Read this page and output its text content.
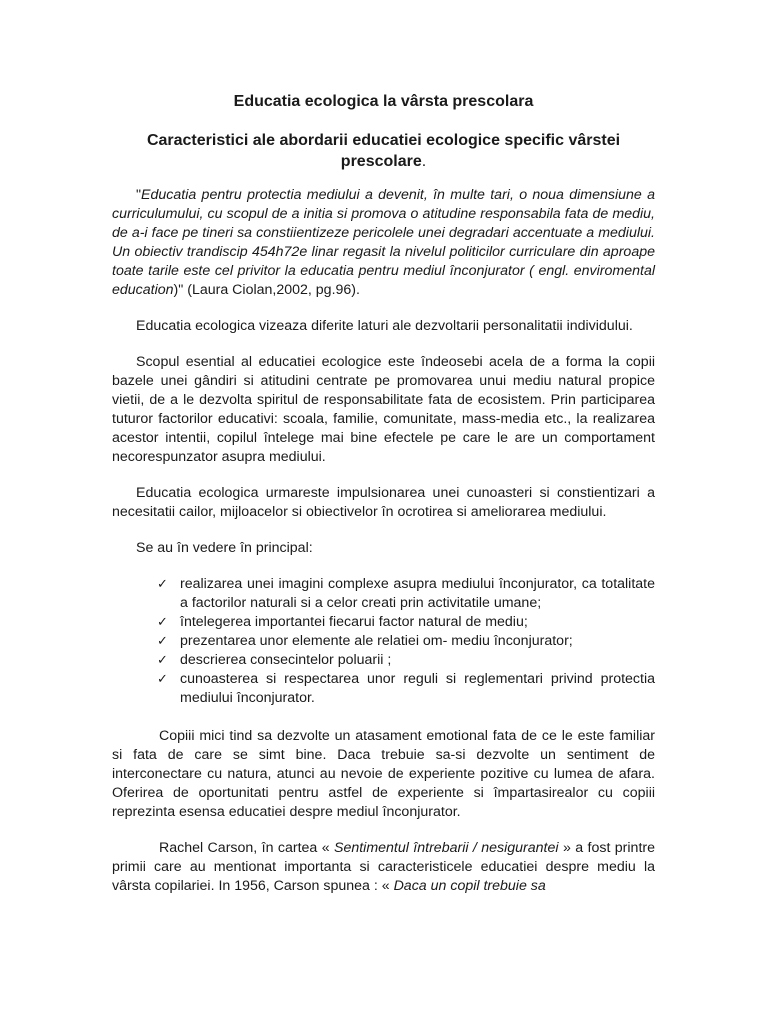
Educatia ecologica la vârsta prescolara
Caracteristici ale abordarii educatiei ecologice specific vârstei prescolare.

"Educatia pentru protectia mediului a devenit, în multe tari, o noua dimensiune a curriculumului, cu scopul de a initia si promova o atitudine responsabila fata de mediu, de a-i face pe tineri sa constiientizeze pericolele unei degradari accentuate a mediului. Un obiectiv trandiscip 454h72e linar regasit la nivelul politicilor curriculare din aproape toate tarile este cel privitor la educatia pentru mediul înconjurator ( engl. enviromental education)" (Laura Ciolan,2002, pg.96).

Educatia ecologica vizeaza diferite laturi ale dezvoltarii personalitatii individului.

Scopul esential al educatiei ecologice este îndeosebi acela de a forma la copii bazele unei gândiri si atitudini centrate pe promovarea unui mediu natural propice vietii, de a le dezvolta spiritul de responsabilitate fata de ecosistem. Prin participarea tuturor factorilor educativi: scoala, familie, comunitate, mass-media etc., la realizarea acestor intentii, copilul întelege mai bine efectele pe care le are un comportament necorespunzator asupra mediului.

Educatia ecologica urmareste impulsionarea unei cunoasteri si constientizari a necesitatii cailor, mijloacelor si obiectivelor în ocrotirea si ameliorarea mediului.

Se au în vedere în principal:

✓ realizarea unei imagini complexe asupra mediului înconjurator, ca totalitate a factorilor naturali si a celor creati prin activitatile umane;
✓ întelegerea importantei fiecarui factor natural de mediu;
✓ prezentarea unor elemente ale relatiei om- mediu înconjurator;
✓ descrierea consecintelor poluarii ;
✓ cunoasterea si respectarea unor reguli si reglementari privind protectia mediului înconjurator.

Copiii mici tind sa dezvolte un atasament emotional fata de ce le este familiar si fata de care se simt bine. Daca trebuie sa-si dezvolte un sentiment de interconectare cu natura, atunci au nevoie de experiente pozitive cu lumea de afara. Oferirea de oportunitati pentru astfel de experiente si împartasirealor cu copiii reprezinta esensa educatiei despre mediul înconjurator.

Rachel Carson, în cartea « Sentimentul întrebarii / nesigurantei » a fost printre primii care au mentionat importanta si caracteristicele educatiei despre mediu la vârsta copilariei. In 1956, Carson spunea : « Daca un copil trebuie sa
